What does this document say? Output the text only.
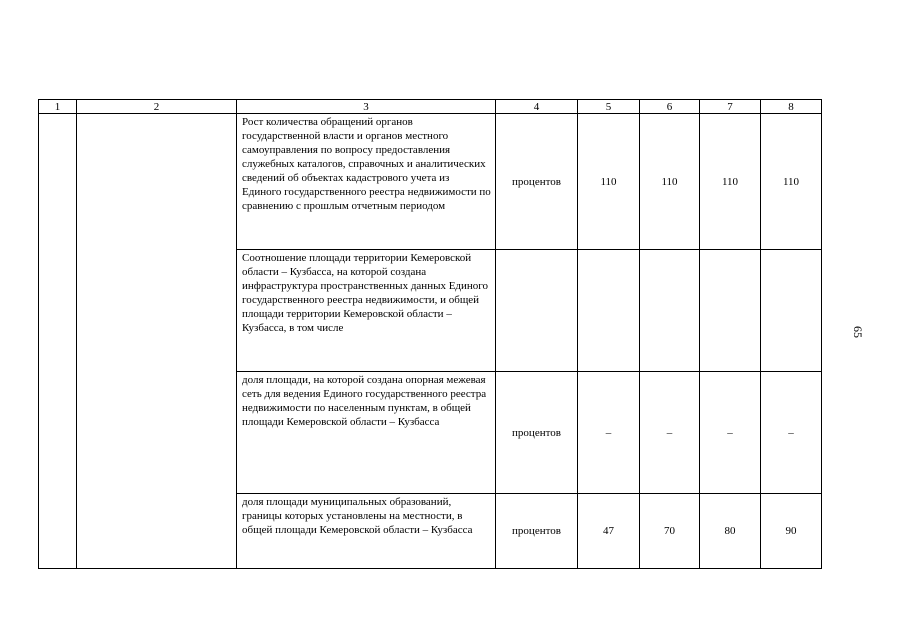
1	2	3	4	5	6	7	8
		Рост количества обращений органов государственной власти и органов местного самоуправления по вопросу предоставления служебных каталогов, справочных и аналитических сведений об объектах кадастрового учета из Единого государственного реестра недвижимости по сравнению с прошлым отчетным периодом	процентов	110	110	110	110
		Соотношение площади территории Кемеровской области – Кузбасса, на которой создана инфраструктура пространственных данных Единого государственного реестра недвижимости, и общей площади территории Кемеровской области – Кузбасса, в том числе					
		доля площади, на которой создана опорная межевая сеть для ведения Единого государственного реестра недвижимости по населенным пунктам, в общей площади Кемеровской области – Кузбасса	процентов	–	–	–	–
		доля площади муниципальных образований, границы которых установлены на местности, в общей площади Кемеровской области – Кузбасса	процентов	47	70	80	90
65
